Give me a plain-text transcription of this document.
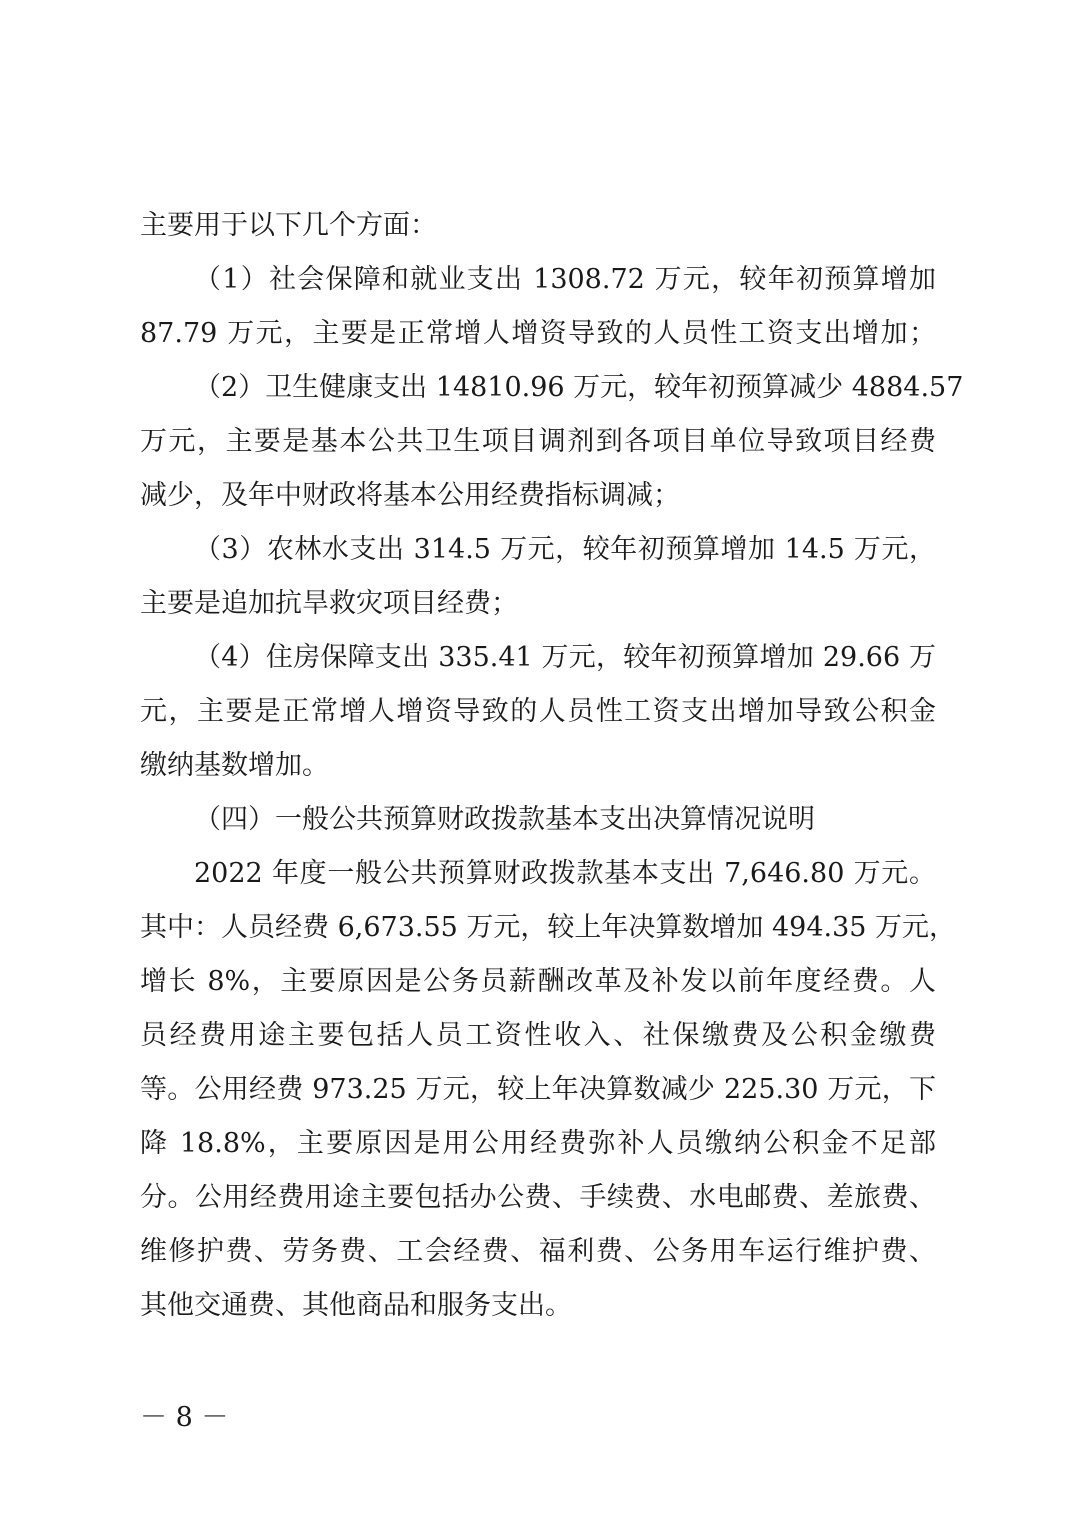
主要用于以下几个方面：
（1）社会保障和就业支出 1308.72 万元，较年初预算增加
87.79 万元，主要是正常增人增资导致的人员性工资支出增加；
（2）卫生健康支出 14810.96 万元，较年初预算减少 4884.57
万元，主要是基本公共卫生项目调剂到各项目单位导致项目经费
减少，及年中财政将基本公用经费指标调减；
（3）农林水支出 314.5 万元，较年初预算增加 14.5 万元，
主要是追加抗旱救灾项目经费；
（4）住房保障支出 335.41 万元，较年初预算增加 29.66 万
元，主要是正常增人增资导致的人员性工资支出增加导致公积金
缴纳基数增加。
（四）一般公共预算财政拨款基本支出决算情况说明
2022 年度一般公共预算财政拨款基本支出 7,646.80 万元。
其中：人员经费 6,673.55 万元，较上年决算数增加 494.35 万元，
增长 8%，主要原因是公务员薪酬改革及补发以前年度经费。人
员经费用途主要包括人员工资性收入、社保缴费及公积金缴费
等。公用经费 973.25 万元，较上年决算数减少 225.30 万元，下
降 18.8%，主要原因是用公用经费弥补人员缴纳公积金不足部
分。公用经费用途主要包括办公费、手续费、水电邮费、差旅费、
维修护费、劳务费、工会经费、福利费、公务用车运行维护费、
其他交通费、其他商品和服务支出。
－ 8 －
